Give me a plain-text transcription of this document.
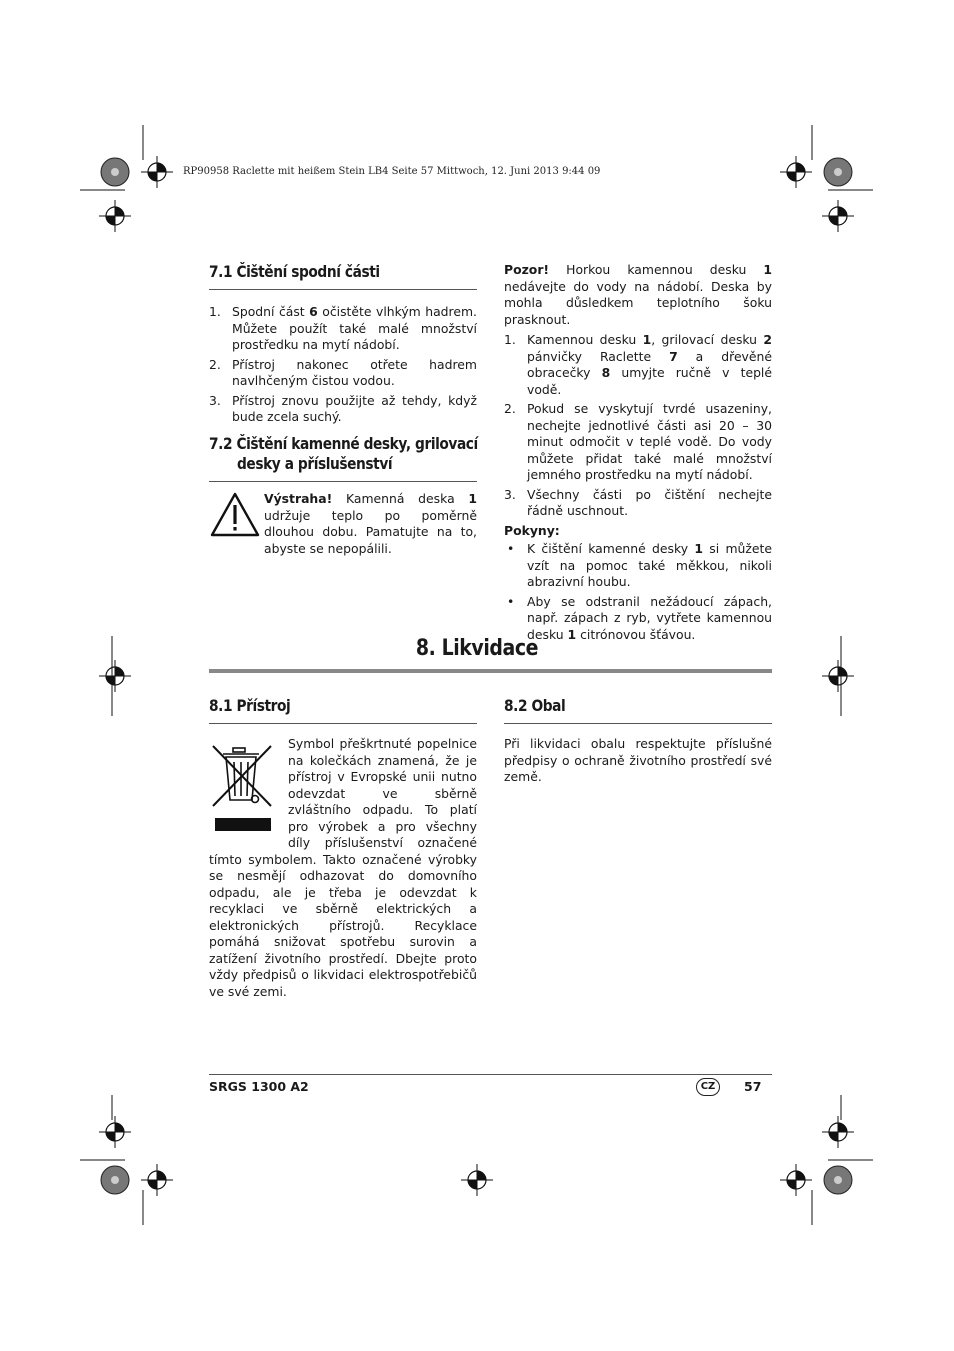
RP90958 Raclette mit heißem Stein LB4 Seite 57 Mittwoch, 12. Juni 2013 9:44 09
7.1 Čištění spodní části
1. Spodní část 6 očistěte vlhkým hadrem. Můžete použít také malé množství prostředku na mytí nádobí.
2. Přístroj nakonec otřete hadrem navlhčeným čistou vodou.
3. Přístroj znovu použijte až tehdy, když bude zcela suchý.
7.2 Čištění kamenné desky, grilovací
desky a příslušenství

Výstraha! Kamenná deska 1 udržuje teplo po poměrně dlouhou dobu. Pamatujte na to, abyste se nepopálili.

Pozor! Horkou kamennou desku 1 nedávejte do vody na nádobí. Deska by mohla důsledkem teplotního šoku prasknout.

1. Kamennou desku 1, grilovací desku 2 pánvičky Raclette 7 a dřevěné obracečky 8 umyjte ručně v teplé vodě.
2. Pokud se vyskytují tvrdé usazeniny, nechejte jednotlivé části asi 20 – 30 minut odmočit v teplé vodě. Do vody můžete přidat také malé množství jemného prostředku na mytí nádobí.
3. Všechny části po čištění nechejte řádně uschnout.

Pokyny:

•	K čištění kamenné desky 1 si můžete vzít na pomoc také měkkou, nikoli abrazivní houbu.
•	Aby se odstranil nežádoucí zápach, např. zápach z ryb, vytřete kamennou desku 1 citrónovou šťávou.
8. Likvidace
8.1 Přístroj

Symbol přeškrtnuté popelnice na kolečkách znamená, že je přístroj v Evropské unii nutno odevzdat ve sběrně zvláštního odpadu. To platí pro výrobek a pro všechny díly příslušenství označené tímto symbolem. Takto označené výrobky se nesmějí odhazovat do domovního odpadu, ale je třeba je odevzdat k recyklaci ve sběrně elektrických a elektronických přístrojů. Recyklace pomáhá snižovat spotřebu surovin a zatížení životního prostředí. Dbejte proto vždy předpisů o likvidaci elektrospotřebičů ve své zemi.

8.2 Obal

Při likvidaci obalu respektujte příslušné předpisy o ochraně životního prostředí své země.

SRGS 1300 A2	CZ	57
